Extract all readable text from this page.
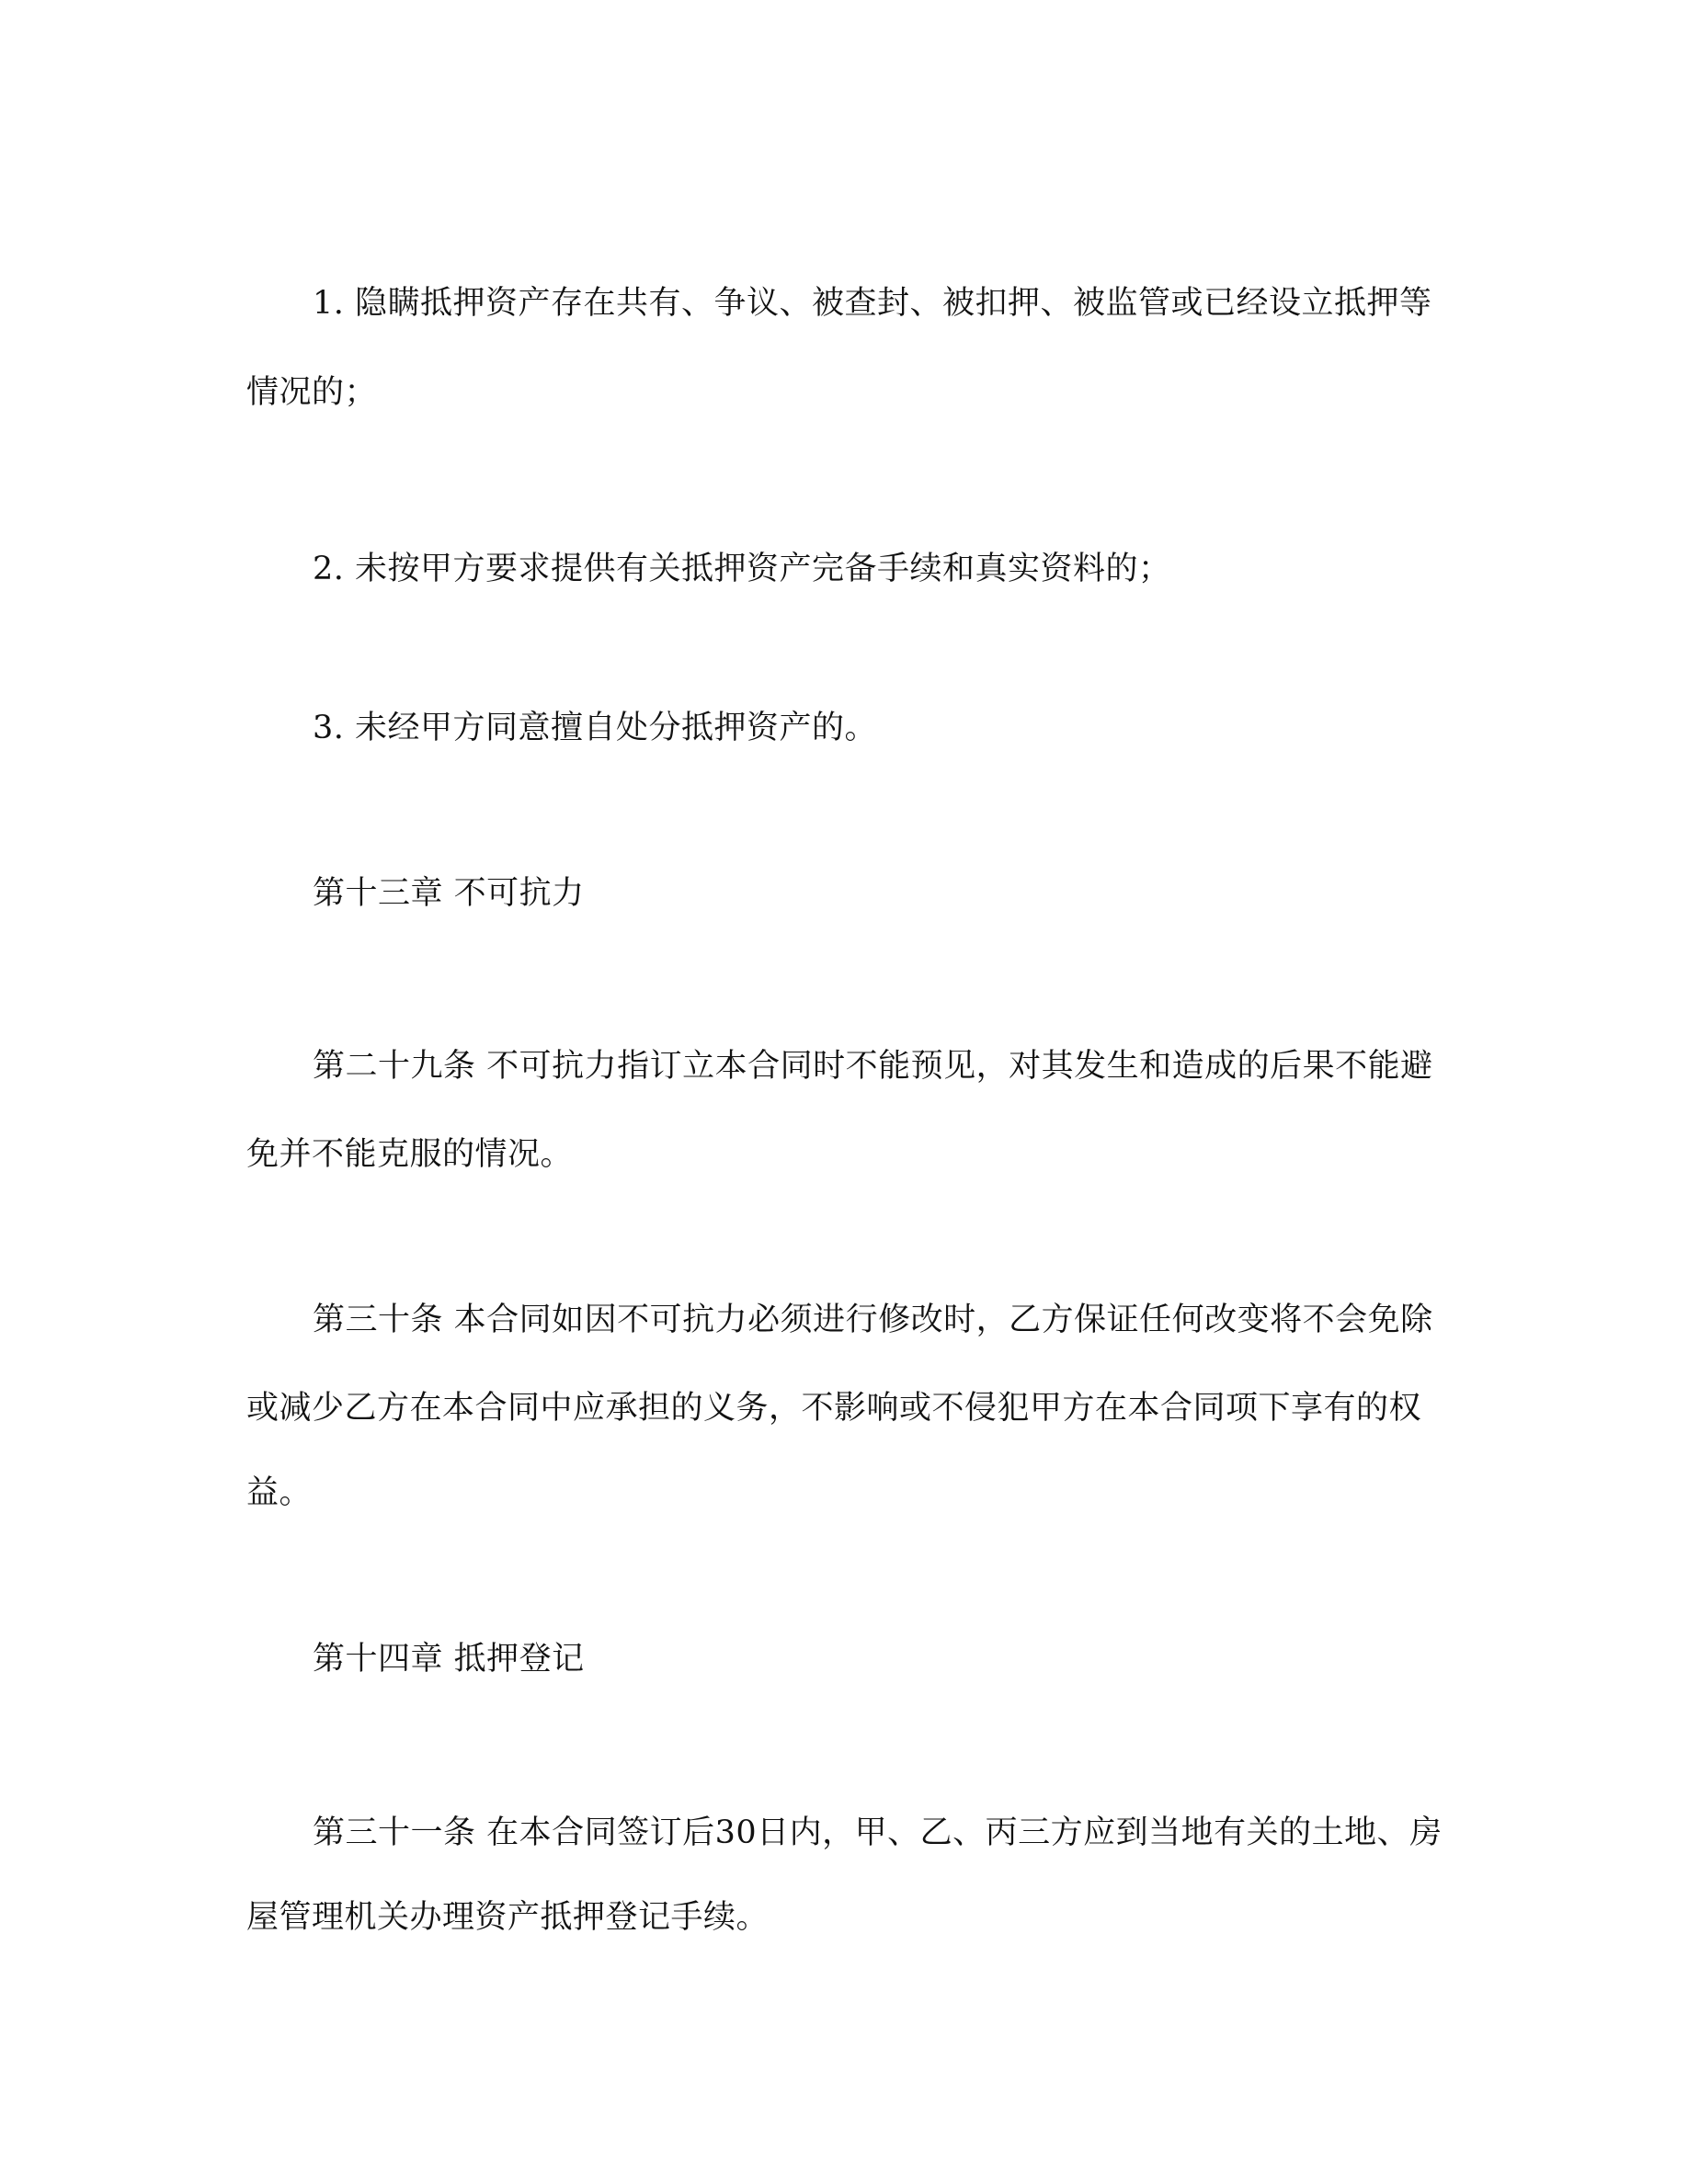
1. 隐瞒抵押资产存在共有、争议、被查封、被扣押、被监管或已经设立抵押等
情况的；
2. 未按甲方要求提供有关抵押资产完备手续和真实资料的；
3. 未经甲方同意擅自处分抵押资产的。
第十三章 不可抗力
第二十九条 不可抗力指订立本合同时不能预见，对其发生和造成的后果不能避
免并不能克服的情况。
第三十条 本合同如因不可抗力必须进行修改时，乙方保证任何改变将不会免除
或减少乙方在本合同中应承担的义务，不影响或不侵犯甲方在本合同项下享有的权
益。
第十四章 抵押登记
第三十一条 在本合同签订后30日内，甲、乙、丙三方应到当地有关的土地、房
屋管理机关办理资产抵押登记手续。
